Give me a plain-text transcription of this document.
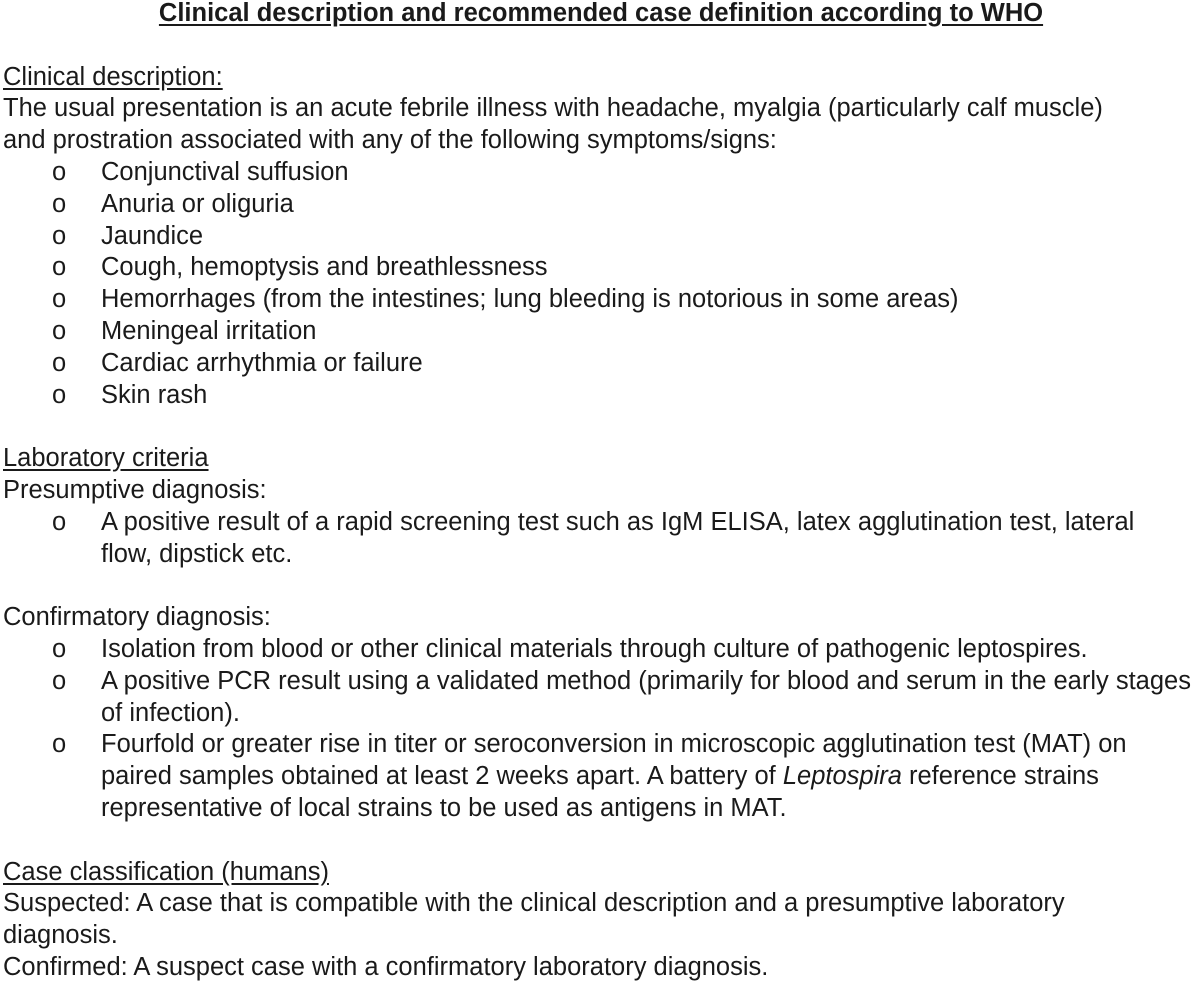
Clinical description and recommended case definition according to WHO

Clinical description:

The usual presentation is an acute febrile illness with headache, myalgia (particularly calf muscle)

and prostration associated with any of the following symptoms/signs:

o	Conjunctival suffusion
o	Anuria or oliguria
o	Jaundice
o	Cough, hemoptysis and breathlessness
o	Hemorrhages (from the intestines; lung bleeding is notorious in some areas)
o	Meningeal irritation
o	Cardiac arrhythmia or failure
o	Skin rash

Laboratory criteria

Presumptive diagnosis:

o	A positive result of a rapid screening test such as IgM ELISA, latex agglutination test, lateral flow, dipstick etc.

Confirmatory diagnosis:

o	Isolation from blood or other clinical materials through culture of pathogenic leptospires.
o	A positive PCR result using a validated method (primarily for blood and serum in the early stages of infection).
o	Fourfold or greater rise in titer or seroconversion in microscopic agglutination test (MAT) on paired samples obtained at least 2 weeks apart. A battery of Leptospira reference strains representative of local strains to be used as antigens in MAT.

Case classification (humans)

Suspected: A case that is compatible with the clinical description and a presumptive laboratory diagnosis.

Confirmed: A suspect case with a confirmatory laboratory diagnosis.
